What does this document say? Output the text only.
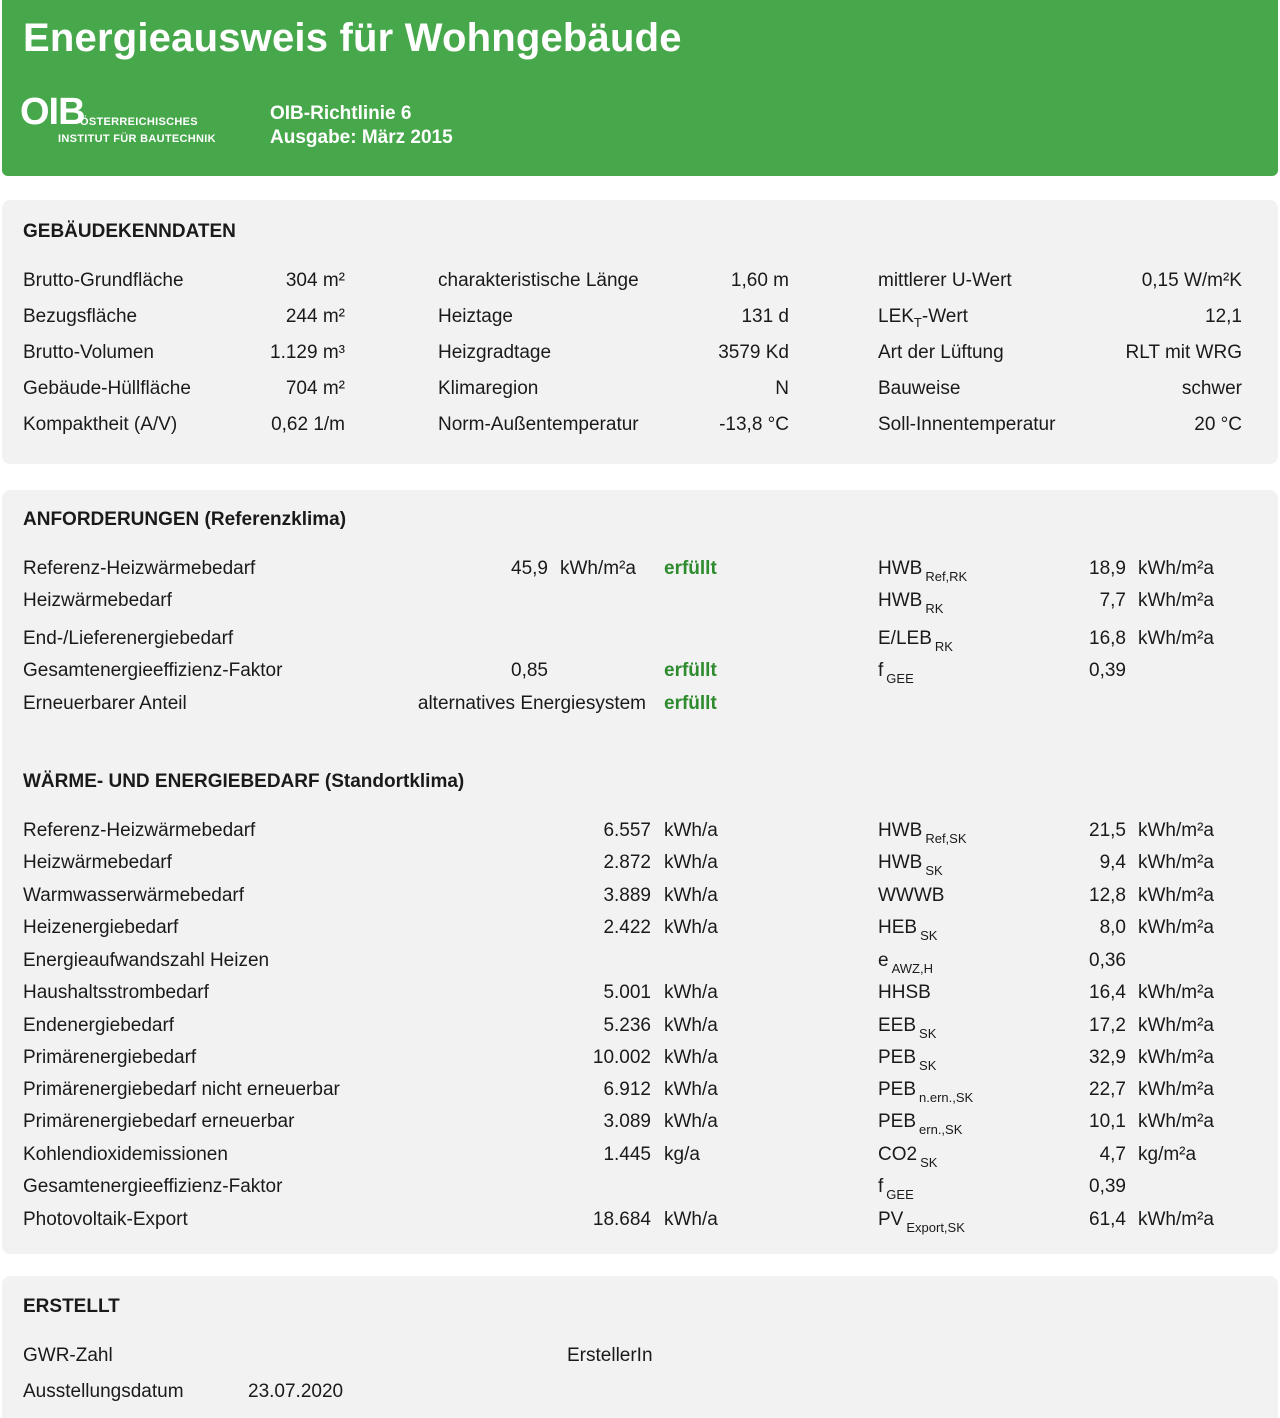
Energieausweis für Wohngebäude
OIB
ÖSTERREICHISCHES
INSTITUT FÜR BAUTECHNIK
OIB-Richtlinie 6
Ausgabe: März 2015
GEBÄUDEKENNDATEN
Brutto-Grundfläche	304 m²	charakteristische Länge	1,60 m	mittlerer U-Wert	0,15 W/m²K
Bezugsfläche	244 m²	Heiztage	131 d	$LEK_T$-Wert	12,1
Brutto-Volumen	1.129 m³	Heizgradtage	3579 Kd	Art der Lüftung	RLT mit WRG
Gebäude-Hüllfläche	704 m²	Klimaregion	N	Bauweise	schwer
Kompaktheit (A/V)	0,62 1/m	Norm-Außentemperatur	-13,8 °C	Soll-Innentemperatur	20 °C
ANFORDERUNGEN (Referenzklima)
Referenz-Heizwärmebedarf	45,9 kWh/m²a erfüllt	HWB $_{Ref,RK}$	18,9 kWh/m²a
Heizwärmebedarf	HWB $_{RK}$	7,7 kWh/m²a
End-/Lieferenergiebedarf	E/LEB $_{RK}$	16,8 kWh/m²a
Gesamtenergieeffizienz-Faktor	0,85	erfüllt	f $_{GEE}$	0,39
Erneuerbarer Anteil	alternatives Energiesystem erfüllt
WÄRME- UND ENERGIEBEDARF (Standortklima)
Referenz-Heizwärmebedarf	6.557 kWh/a	HWB $_{Ref,SK}$	21,5 kWh/m²a
Heizwärmebedarf	2.872 kWh/a	HWB $_{SK}$	9,4 kWh/m²a
Warmwasserwärmebedarf	3.889 kWh/a	WWWB	12,8 kWh/m²a
Heizenergiebedarf	2.422 kWh/a	HEB $_{SK}$	8,0 kWh/m²a
Energieaufwandszahl Heizen	e $_{AWZ,H}$	0,36
Haushaltsstrombedarf	5.001 kWh/a	HHSB	16,4 kWh/m²a
Endenergiebedarf	5.236 kWh/a	EEB $_{SK}$	17,2 kWh/m²a
Primärenergiebedarf	10.002 kWh/a	PEB $_{SK}$	32,9 kWh/m²a
Primärenergiebedarf nicht erneuerbar	6.912 kWh/a	PEB $_{n.ern.,SK}$	22,7 kWh/m²a
Primärenergiebedarf erneuerbar	3.089 kWh/a	PEB $_{ern.,SK}$	10,1 kWh/m²a
Kohlendioxidemissionen	1.445 kg/a	CO2 $_{SK}$	4,7 kg/m²a
Gesamtenergieeffizienz-Faktor	f $_{GEE}$	0,39
Photovoltaik-Export	18.684 kWh/a	PV $_{Export,SK}$	61,4 kWh/m²a
ERSTELLT
GWR-Zahl	ErstellerIn
Ausstellungsdatum	23.07.2020
